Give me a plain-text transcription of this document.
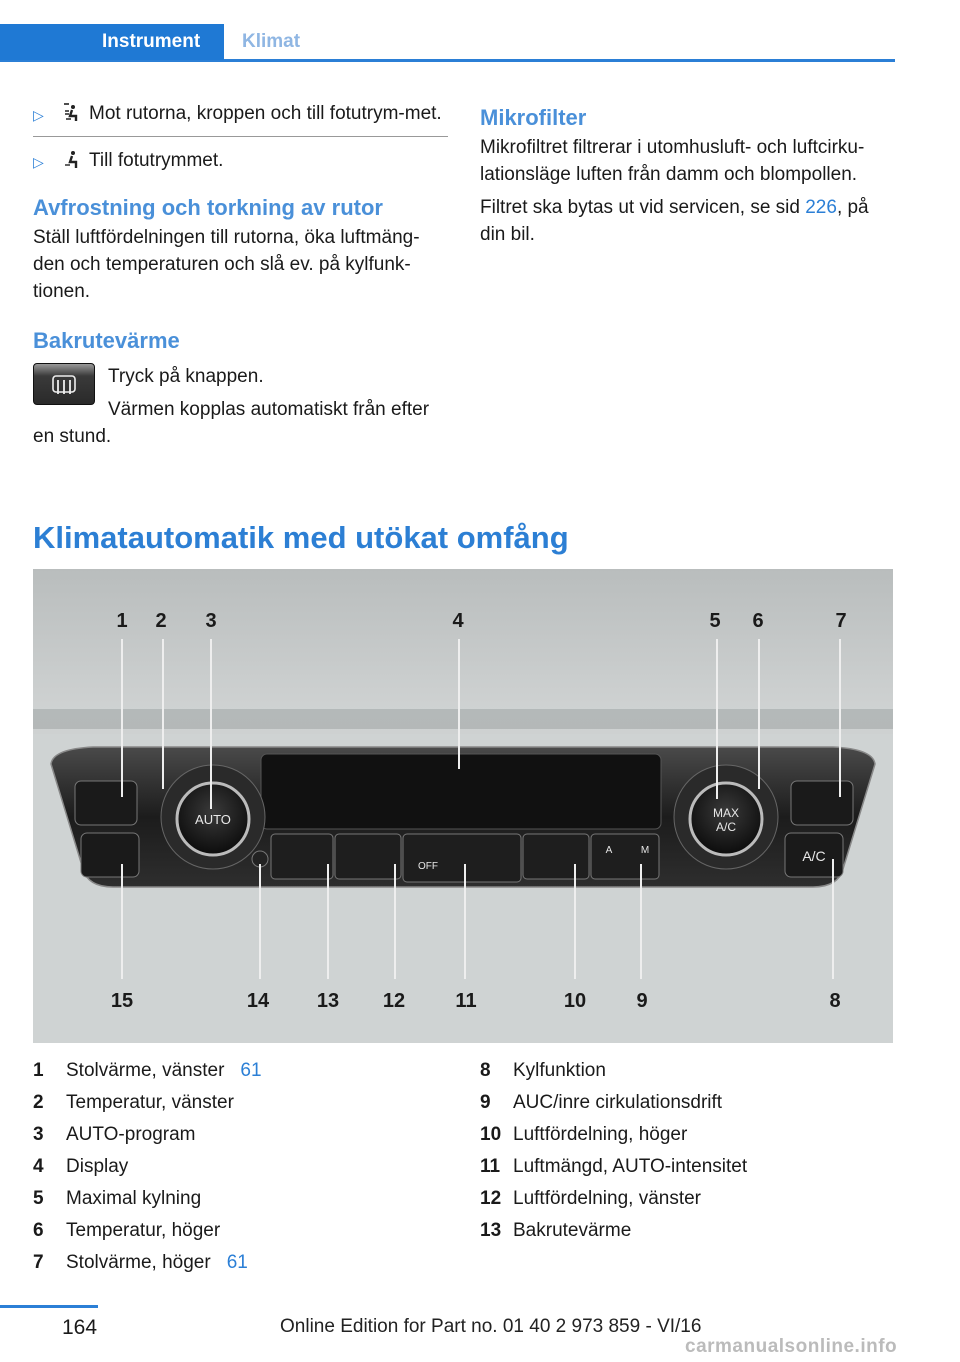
Instrument	Klimat
▷	Mot rutorna, kroppen och till fotutrym-met.
▷	Till fotutrymmet.
Avfrostning och torkning av rutor
Ställ luftfördelningen till rutorna, öka luftmäng-den och temperaturen och slå ev. på kylfunk-tionen.
Bakrutevärme
Tryck på knappen.
Värmen kopplas automatiskt från efter en stund.
Mikrofilter
Mikrofiltret filtrerar i utomhusluft- och luftcirku-lationsläge luften från damm och blompollen.
Filtret ska bytas ut vid servicen, se sid 226, på din bil.
Klimatautomatik med utökat omfång
1 2 3	4	5 6	7
8
9
10
11
12
13
14
15
AUTO	MAX
A/C
A/C
OFF
A	M
1	Stolvärme, vänster 61
2	Temperatur, vänster
3	AUTO-program
4	Display
5	Maximal kylning
6	Temperatur, höger
7	Stolvärme, höger 61
8	Kylfunktion
9	AUC/inre cirkulationsdrift
10 Luftfördelning, höger
11 Luftmängd, AUTO-intensitet
12 Luftfördelning, vänster
13 Bakrutevärme
164	Online Edition for Part no. 01 40 2 973 859 - VI/16
carmanualsonline.info
